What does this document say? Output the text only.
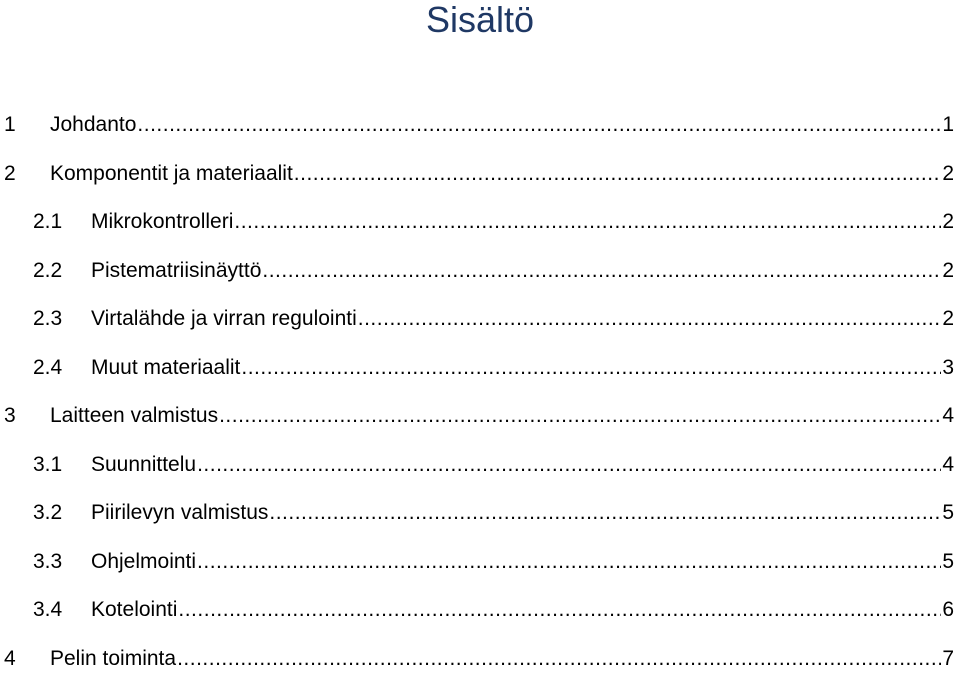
Sisältö
1	Johdanto .....	1
2	Komponentit ja materiaalit .....	2
2.1	Mikrokontrolleri .....	2
2.2	Pistematriisinäyttö .....	2
2.3	Virtalähde ja virran regulointi .....	2
2.4	Muut materiaalit .....	3
3	Laitteen valmistus .....	4
3.1	Suunnittelu .....	4
3.2	Piirilevyn valmistus .....	5
3.3	Ohjelmointi .....	5
3.4	Kotelointi .....	6
4	Pelin toiminta .....	7
